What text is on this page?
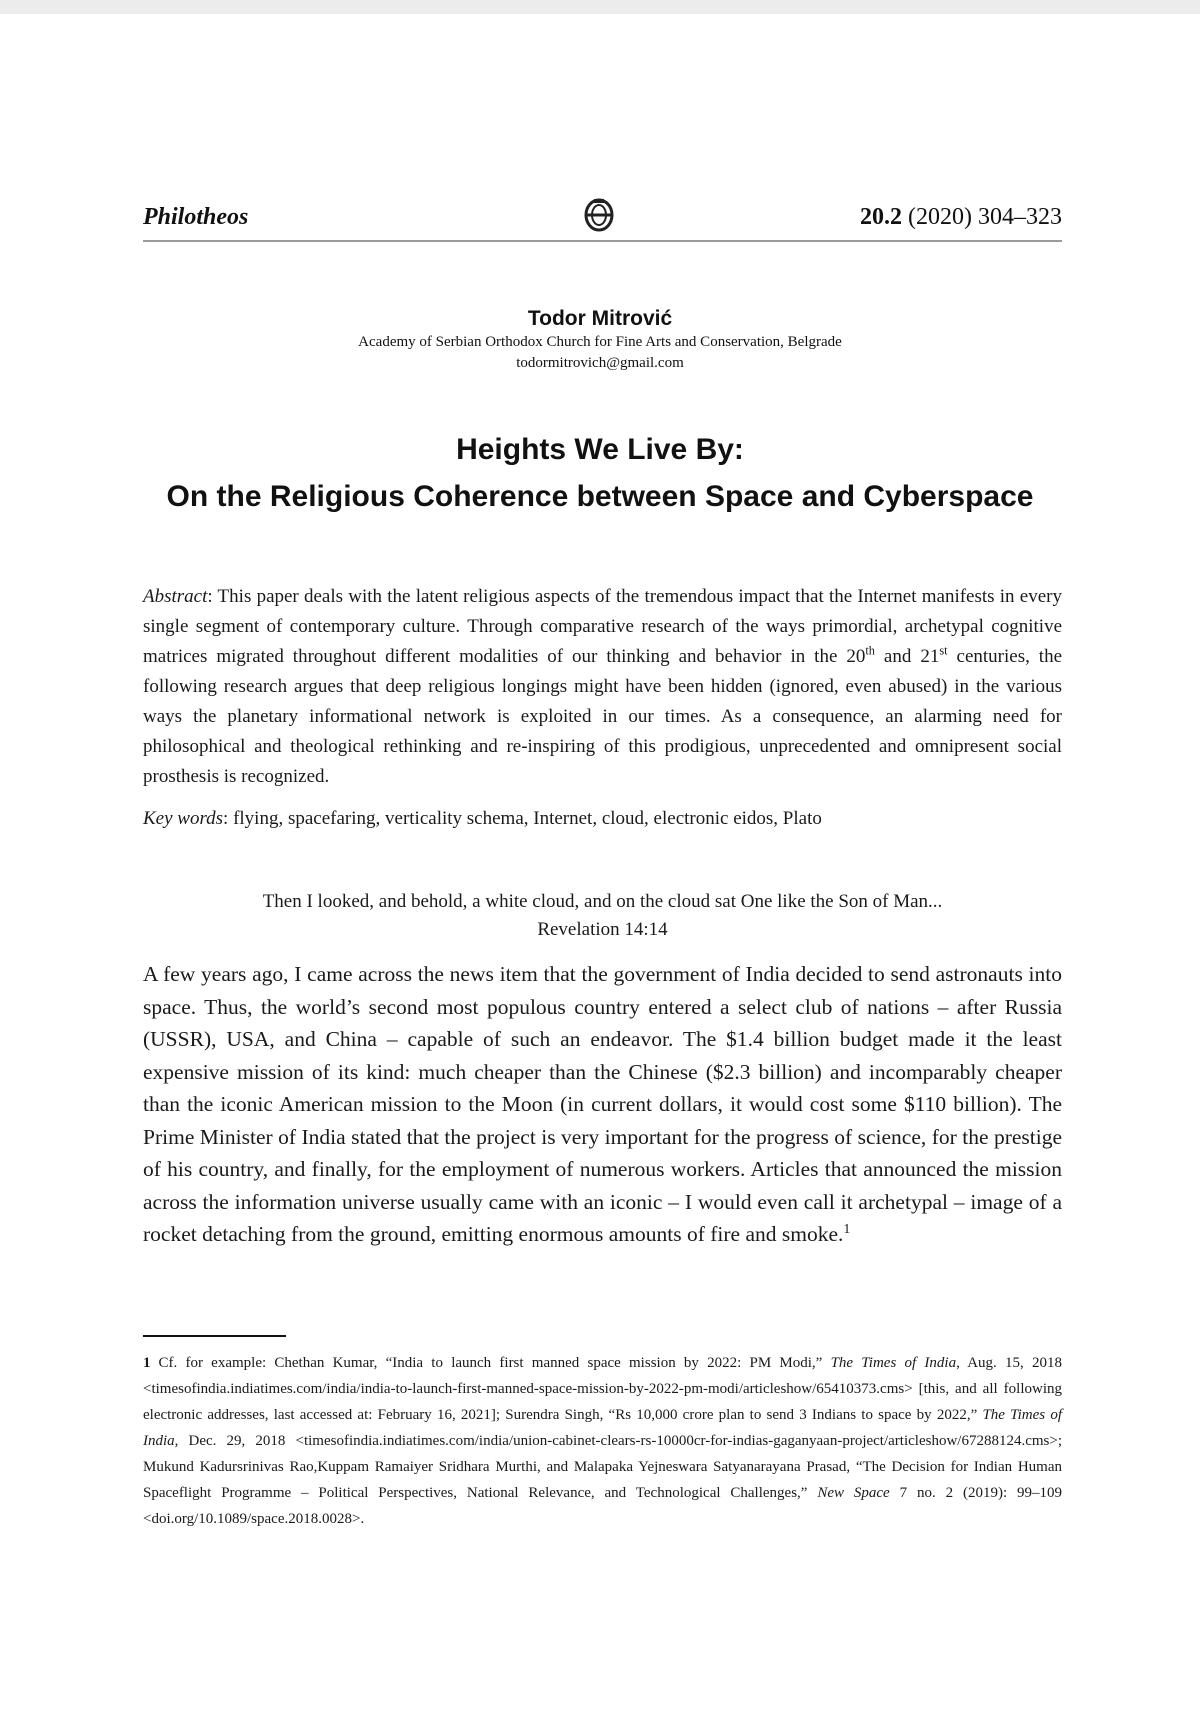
Philotheos	20.2 (2020) 304–323
Todor Mitrović
Academy of Serbian Orthodox Church for Fine Arts and Conservation, Belgrade
todormitrovich@gmail.com
Heights We Live By:
On the Religious Coherence between Space and Cyberspace
Abstract: This paper deals with the latent religious aspects of the tremendous impact that the Internet manifests in every single segment of contemporary culture. Through comparative research of the ways primordial, archetypal cognitive matrices migrated throughout different modalities of our thinking and behavior in the 20th and 21st centuries, the following research argues that deep religious longings might have been hidden (ignored, even abused) in the various ways the planetary informational network is exploited in our times. As a consequence, an alarming need for philosophical and theological rethinking and re-inspiring of this prodigious, unprecedented and omnipresent social prosthesis is recognized.
Key words: flying, spacefaring, verticality schema, Internet, cloud, electronic eidos, Plato
Then I looked, and behold, a white cloud, and on the cloud sat One like the Son of Man...
Revelation 14:14
A few years ago, I came across the news item that the government of India decided to send astronauts into space. Thus, the world’s second most populous country entered a select club of nations – after Russia (USSR), USA, and China – capable of such an endeavor. The $1.4 billion budget made it the least expensive mission of its kind: much cheaper than the Chinese ($2.3 billion) and incomparably cheaper than the iconic American mission to the Moon (in current dollars, it would cost some $110 billion). The Prime Minister of India stated that the project is very important for the progress of science, for the prestige of his country, and finally, for the employment of numerous workers. Articles that announced the mission across the information universe usually came with an iconic – I would even call it archetypal – image of a rocket detaching from the ground, emitting enormous amounts of fire and smoke.$^1$
1 Cf. for example: Chethan Kumar, “India to launch first manned space mission by 2022: PM Modi,” The Times of India, Aug. 15, 2018 <timesofindia.indiatimes.com/india/india-to-launch-first-manned-space-mission-by-2022-pm-modi/articleshow/65410373.cms> [this, and all following electronic addresses, last accessed at: February 16, 2021]; Surendra Singh, “Rs 10,000 crore plan to send 3 Indians to space by 2022,” The Times of India, Dec. 29, 2018 <timesofindia.indiatimes.com/india/union-cabinet-clears-rs-10000cr-for-indias-gaganyaan-project/articleshow/67288124.cms>; Mukund Kadursrinivas Rao,Kuppam Ramaiyer Sridhara Murthi, and Malapaka Yejneswara Satyanarayana Prasad, “The Decision for Indian Human Spaceflight Programme – Political Perspectives, National Relevance, and Technological Challenges,” New Space 7 no. 2 (2019): 99–109 <doi.org/10.1089/space.2018.0028>.
